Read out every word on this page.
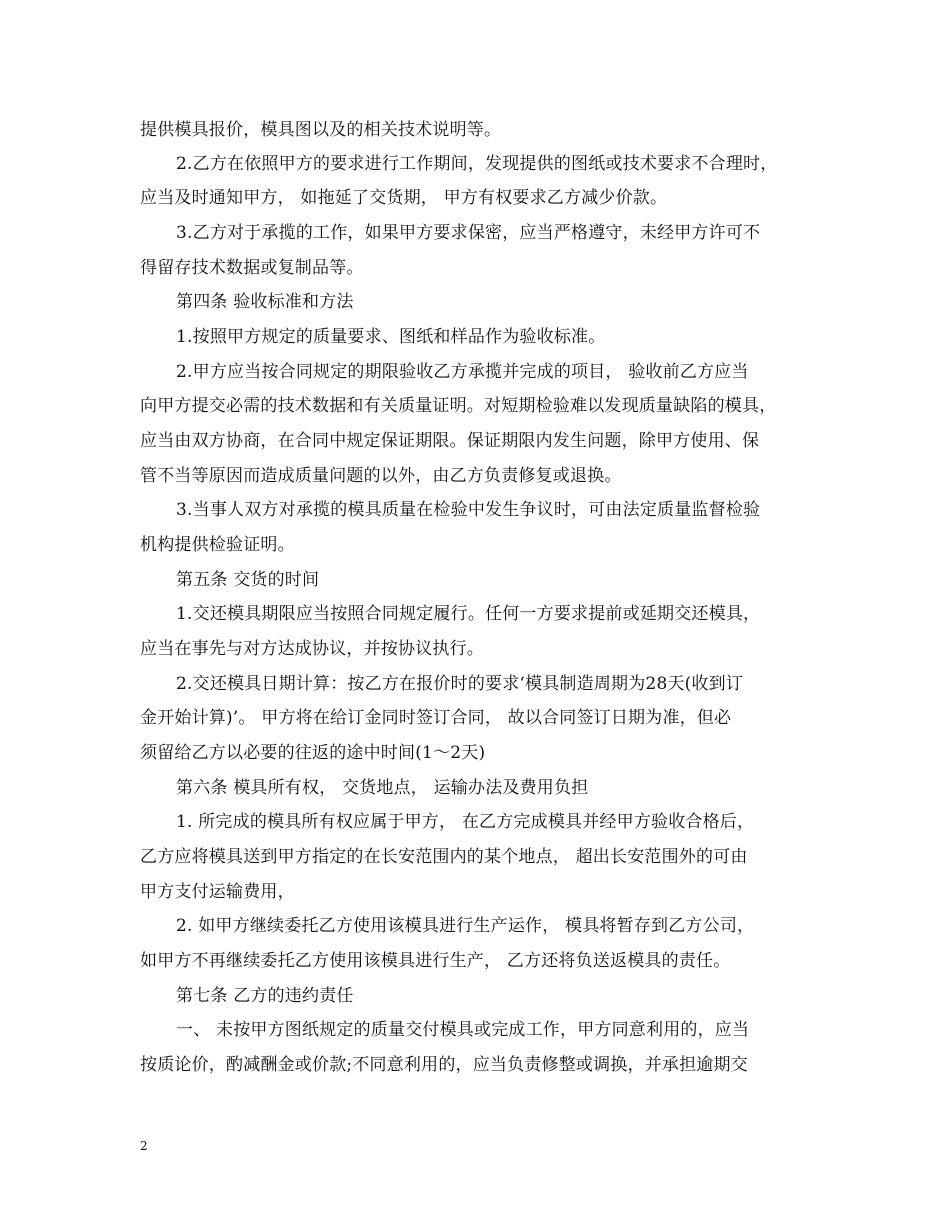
提供模具报价，模具图以及的相关技术说明等。
2.乙方在依照甲方的要求进行工作期间，发现提供的图纸或技术要求不合理时，
应当及时通知甲方， 如拖延了交货期， 甲方有权要求乙方减少价款。
3.乙方对于承揽的工作，如果甲方要求保密，应当严格遵守，未经甲方许可不
得留存技术数据或复制品等。
第四条 验收标准和方法
1.按照甲方规定的质量要求、图纸和样品作为验收标准。
2.甲方应当按合同规定的期限验收乙方承揽并完成的项目， 验收前乙方应当
向甲方提交必需的技术数据和有关质量证明。对短期检验难以发现质量缺陷的模具，
应当由双方协商，在合同中规定保证期限。保证期限内发生问题，除甲方使用、保
管不当等原因而造成质量问题的以外，由乙方负责修复或退换。
3.当事人双方对承揽的模具质量在检验中发生争议时，可由法定质量监督检验
机构提供检验证明。
第五条 交货的时间
1.交还模具期限应当按照合同规定履行。任何一方要求提前或延期交还模具，
应当在事先与对方达成协议，并按协议执行。
2.交还模具日期计算：按乙方在报价时的要求‘模具制造周期为28天(收到订
金开始计算)’。 甲方将在给订金同时签订合同， 故以合同签订日期为准，但必
须留给乙方以必要的往返的途中时间(1～2天)
第六条 模具所有权， 交货地点， 运输办法及费用负担
1. 所完成的模具所有权应属于甲方， 在乙方完成模具并经甲方验收合格后，
乙方应将模具送到甲方指定的在长安范围内的某个地点， 超出长安范围外的可由
甲方支付运输费用，
2. 如甲方继续委托乙方使用该模具进行生产运作， 模具将暂存到乙方公司，
如甲方不再继续委托乙方使用该模具进行生产， 乙方还将负送返模具的责任。
第七条 乙方的违约责任
一、 未按甲方图纸规定的质量交付模具或完成工作，甲方同意利用的，应当
按质论价，酌减酬金或价款;不同意利用的，应当负责修整或调换，并承担逾期交
2
